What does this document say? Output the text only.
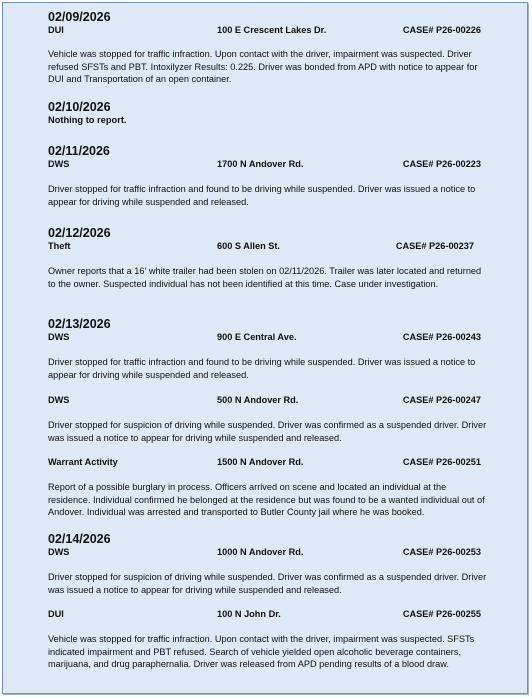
02/09/2026
DUI	100 E Crescent Lakes Dr.	CASE# P26-00226
Vehicle was stopped for traffic infraction. Upon contact with the driver, impairment was suspected. Driver refused SFSTs and PBT. Intoxilyzer Results: 0.225. Driver was bonded from APD with notice to appear for DUI and Transportation of an open container.
02/10/2026
Nothing to report.
02/11/2026
DWS	1700 N Andover Rd.	CASE# P26-00223
Driver stopped for traffic infraction and found to be driving while suspended. Driver was issued a notice to appear for driving while suspended and released.
02/12/2026
Theft	600 S Allen St.	CASE# P26-00237
Owner reports that a 16' white trailer had been stolen on 02/11/2026. Trailer was later located and returned to the owner. Suspected individual has not been identified at this time. Case under investigation.
02/13/2026
DWS	900 E Central Ave.	CASE# P26-00243
Driver stopped for traffic infraction and found to be driving while suspended. Driver was issued a notice to appear for driving while suspended and released.
DWS	500 N Andover Rd.	CASE# P26-00247
Driver stopped for suspicion of driving while suspended. Driver was confirmed as a suspended driver. Driver was issued a notice to appear for driving while suspended and released.
Warrant Activity	1500 N Andover Rd.	CASE# P26-00251
Report of a possible burglary in process. Officers arrived on scene and located an individual at the residence. Individual confirmed he belonged at the residence but was found to be a wanted individual out of Andover. Individual was arrested and transported to Butler County jail where he was booked.
02/14/2026
DWS	1000 N Andover Rd.	CASE# P26-00253
Driver stopped for suspicion of driving while suspended. Driver was confirmed as a suspended driver. Driver was issued a notice to appear for driving while suspended and released.
DUI	100 N John Dr.	CASE# P26-00255
Vehicle was stopped for traffic infraction. Upon contact with the driver, impairment was suspected. SFSTs indicated impairment and PBT refused. Search of vehicle yielded open alcoholic beverage containers, marijuana, and drug paraphernalia. Driver was released from APD pending results of a blood draw.
